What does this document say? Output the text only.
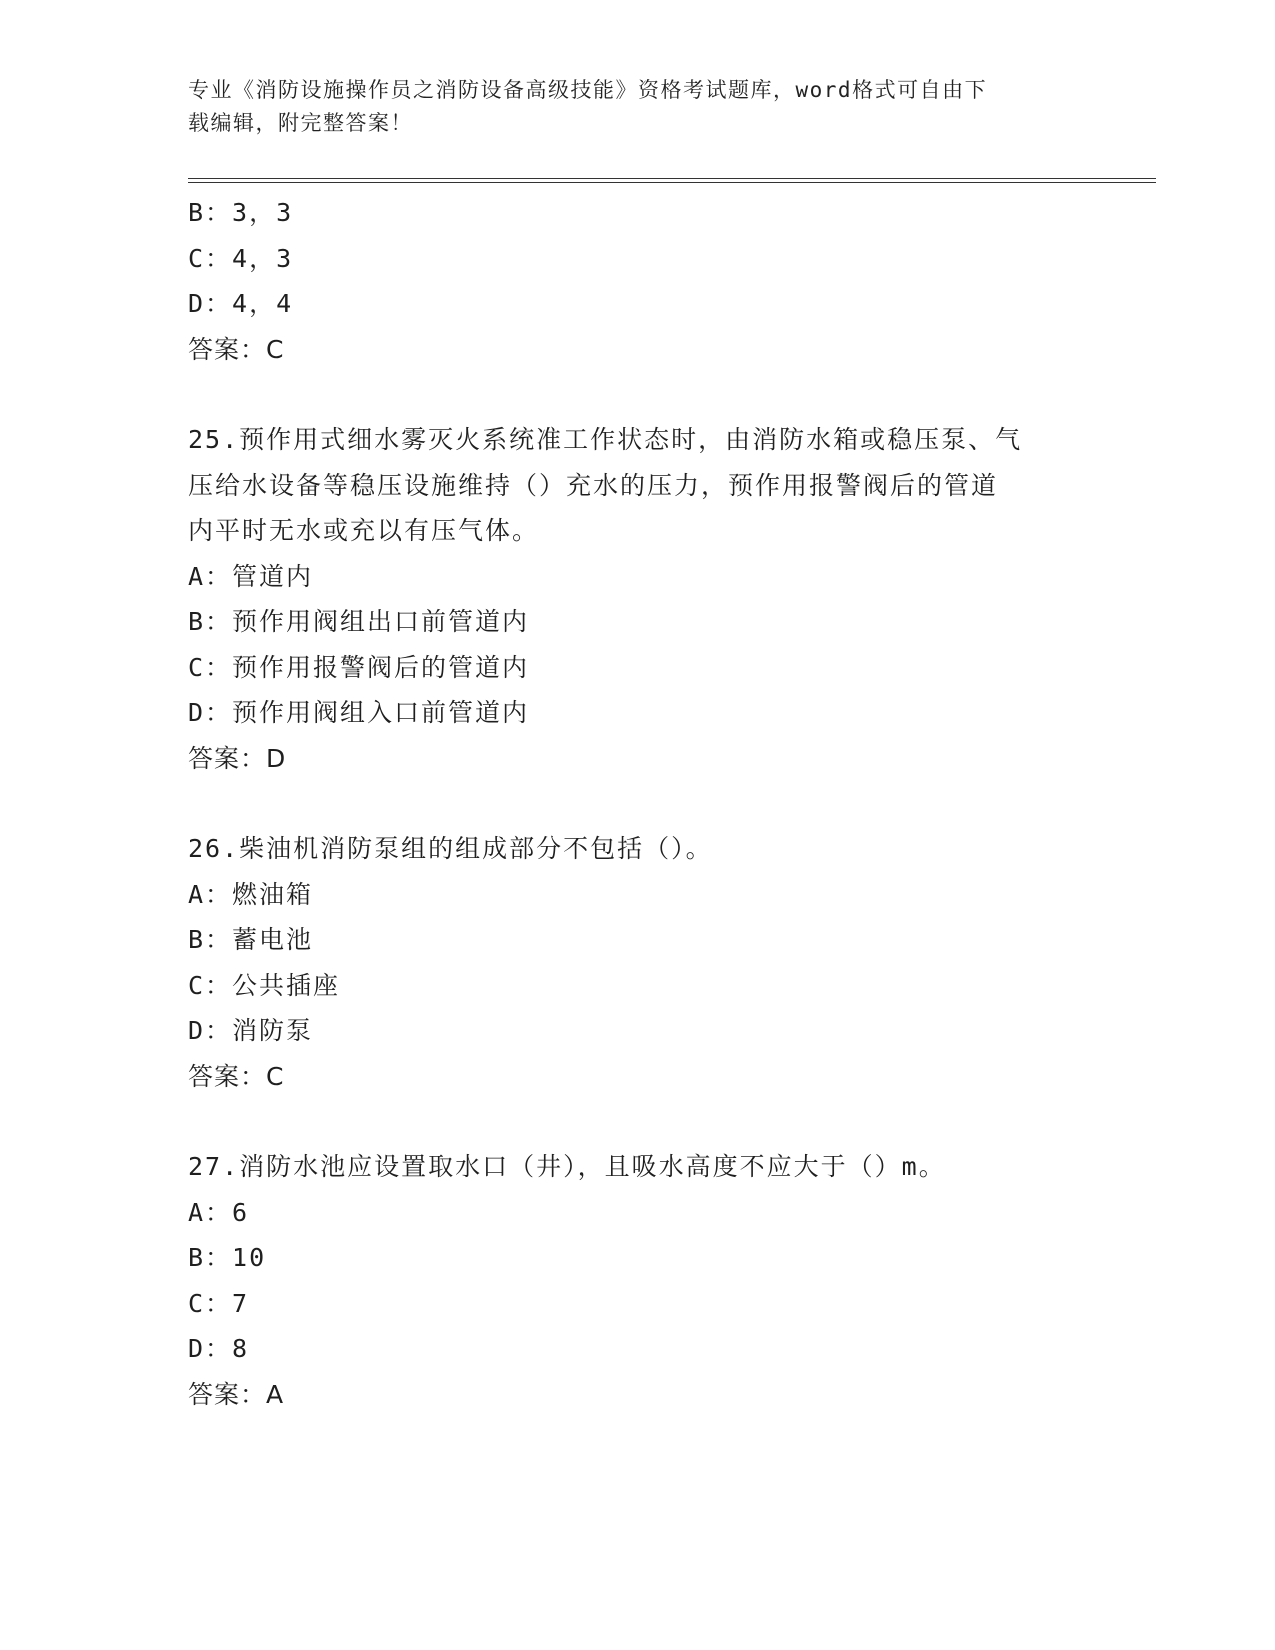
专业《消防设施操作员之消防设备高级技能》资格考试题库，word格式可自由下
载编辑，附完整答案！
B：3，3
C：4，3
D：4，4
答案：C
25.预作用式细水雾灭火系统准工作状态时，由消防水箱或稳压泵、气
压给水设备等稳压设施维持（）充水的压力，预作用报警阀后的管道
内平时无水或充以有压气体。
A：管道内
B：预作用阀组出口前管道内
C：预作用报警阀后的管道内
D：预作用阀组入口前管道内
答案：D
26.柴油机消防泵组的组成部分不包括（）。
A：燃油箱
B：蓄电池
C：公共插座
D：消防泵
答案：C
27.消防水池应设置取水口（井），且吸水高度不应大于（）m。
A：6
B：10
C：7
D：8
答案：A
